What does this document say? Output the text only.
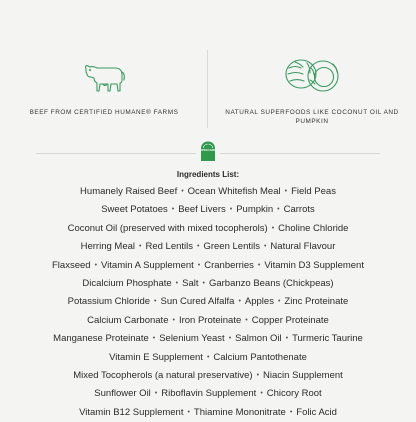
BEEF FROM CERTIFIED HUMANE® FARMS	NATURAL SUPERFOODS LIKE COCONUT OIL AND PUMPKIN
OPEN FARM
Ingredients List:
Humanely Raised Beef • Ocean Whitefish Meal • Field Peas
Sweet Potatoes • Beef Livers • Pumpkin • Carrots
Coconut Oil (preserved with mixed tocopherols) • Choline Chloride
Herring Meal • Red Lentils • Green Lentils • Natural Flavour
Flaxseed • Vitamin A Supplement • Cranberries • Vitamin D3 Supplement
Dicalcium Phosphate • Salt • Garbanzo Beans (Chickpeas)
Potassium Chloride • Sun Cured Alfalfa • Apples • Zinc Proteinate
Calcium Carbonate • Iron Proteinate • Copper Proteinate
Manganese Proteinate • Selenium Yeast • Salmon Oil • Turmeric Taurine
Vitamin E Supplement • Calcium Pantothenate
Mixed Tocopherols (a natural preservative) • Niacin Supplement
Sunflower Oil • Riboflavin Supplement • Chicory Root
Vitamin B12 Supplement • Thiamine Mononitrate • Folic Acid
